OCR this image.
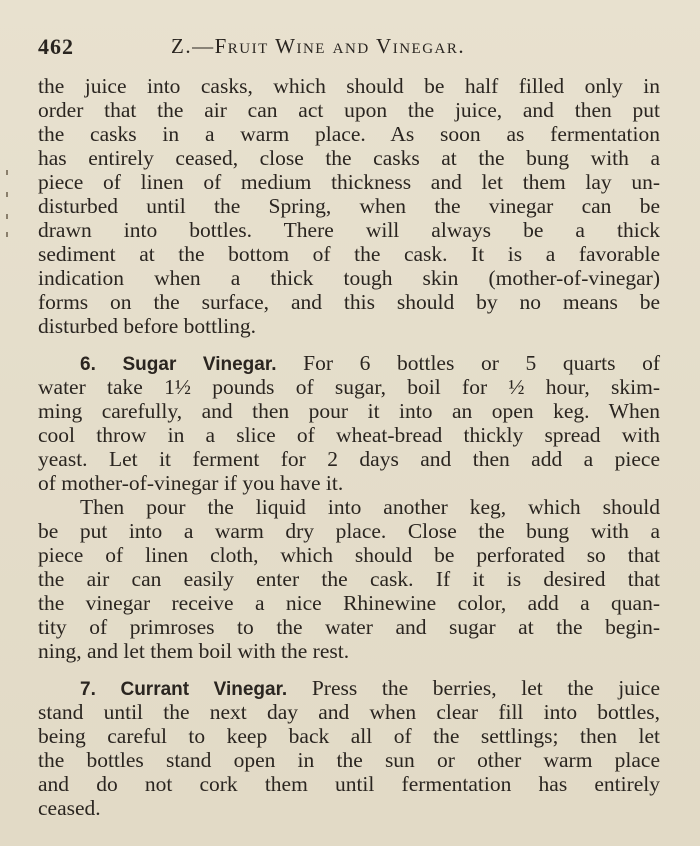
462	Z.—Fruit Wine and Vinegar.
the juice into casks, which should be half filled only in
order that the air can act upon the juice, and then put
the casks in a warm place. As soon as fermentation
has entirely ceased, close the casks at the bung with a
piece of linen of medium thickness and let them lay un-
disturbed until the Spring, when the vinegar can be
drawn into bottles. There will always be a thick
sediment at the bottom of the cask. It is a favorable
indication when a thick tough skin (mother-of-vinegar)
forms on the surface, and this should by no means be
disturbed before bottling.
6. Sugar Vinegar. For 6 bottles or 5 quarts of
water take 1½ pounds of sugar, boil for ½ hour, skim-
ming carefully, and then pour it into an open keg. When
cool throw in a slice of wheat-bread thickly spread with
yeast. Let it ferment for 2 days and then add a piece
of mother-of-vinegar if you have it.
Then pour the liquid into another keg, which should
be put into a warm dry place. Close the bung with a
piece of linen cloth, which should be perforated so that
the air can easily enter the cask. If it is desired that
the vinegar receive a nice Rhinewine color, add a quan-
tity of primroses to the water and sugar at the begin-
ning, and let them boil with the rest.
7. Currant Vinegar. Press the berries, let the juice
stand until the next day and when clear fill into bottles,
being careful to keep back all of the settlings; then let
the bottles stand open in the sun or other warm place
and do not cork them until fermentation has entirely
ceased.
